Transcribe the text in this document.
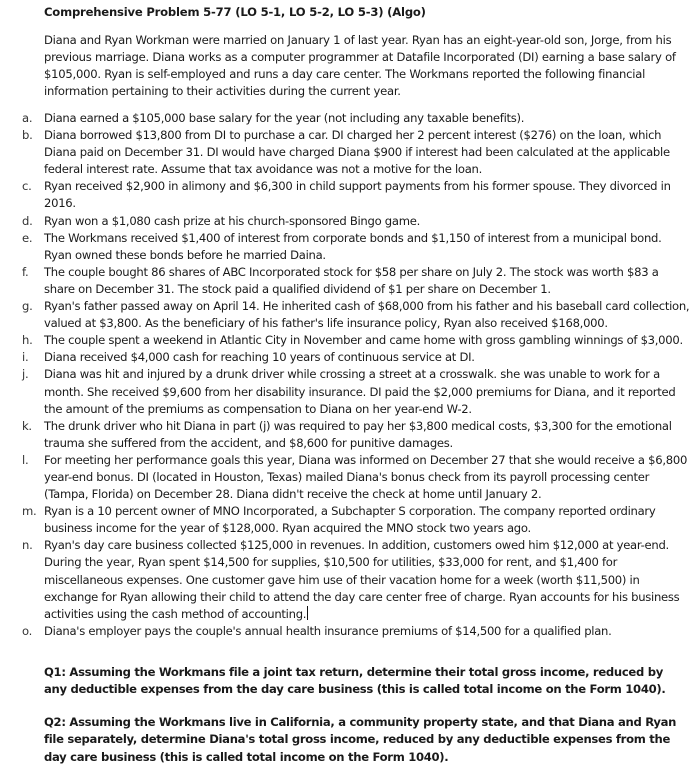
Comprehensive Problem 5-77 (LO 5-1, LO 5-2, LO 5-3) (Algo)

Diana and Ryan Workman were married on January 1 of last year. Ryan has an eight-year-old son, Jorge, from his previous marriage. Diana works as a computer programmer at Datafile Incorporated (DI) earning a base salary of $105,000. Ryan is self-employed and runs a day care center. The Workmans reported the following financial information pertaining to their activities during the current year.

a.	Diana earned a $105,000 base salary for the year (not including any taxable benefits).
b. Diana borrowed $13,800 from DI to purchase a car. DI charged her 2 percent interest ($276) on the loan, which Diana paid on December 31. DI would have charged Diana $900 if interest had been calculated at the applicable federal interest rate. Assume that tax avoidance was not a motive for the loan.
c.	Ryan received $2,900 in alimony and $6,300 in child support payments from his former spouse. They divorced in 2016.
d. Ryan won a $1,080 cash prize at his church-sponsored Bingo game.
e.	The Workmans received $1,400 of interest from corporate bonds and $1,150 of interest from a municipal bond. Ryan owned these bonds before he married Daina.
f.	The couple bought 86 shares of ABC Incorporated stock for $58 per share on July 2. The stock was worth $83 a share on December 31. The stock paid a qualified dividend of $1 per share on December 1.
g. Ryan's father passed away on April 14. He inherited cash of $68,000 from his father and his baseball card collection, valued at $3,800. As the beneficiary of his father's life insurance policy, Ryan also received $168,000.
h. The couple spent a weekend in Atlantic City in November and came home with gross gambling winnings of $3,000.
i.	Diana received $4,000 cash for reaching 10 years of continuous service at DI.
j.	Diana was hit and injured by a drunk driver while crossing a street at a crosswalk. she was unable to work for a month. She received $9,600 from her disability insurance. DI paid the $2,000 premiums for Diana, and it reported the amount of the premiums as compensation to Diana on her year-end W-2.
k.	The drunk driver who hit Diana in part (j) was required to pay her $3,800 medical costs, $3,300 for the emotional trauma she suffered from the accident, and $8,600 for punitive damages.
l.	For meeting her performance goals this year, Diana was informed on December 27 that she would receive a $6,800 year-end bonus. DI (located in Houston, Texas) mailed Diana's bonus check from its payroll processing center (Tampa, Florida) on December 28. Diana didn't receive the check at home until January 2.
m. Ryan is a 10 percent owner of MNO Incorporated, a Subchapter S corporation. The company reported ordinary business income for the year of $128,000. Ryan acquired the MNO stock two years ago.
n. Ryan's day care business collected $125,000 in revenues. In addition, customers owed him $12,000 at year-end. During the year, Ryan spent $14,500 for supplies, $10,500 for utilities, $33,000 for rent, and $1,400 for miscellaneous expenses. One customer gave him use of their vacation home for a week (worth $11,500) in exchange for Ryan allowing their child to attend the day care center free of charge. Ryan accounts for his business activities using the cash method of accounting.
o.	Diana's employer pays the couple's annual health insurance premiums of $14,500 for a qualified plan.
Q1: Assuming the Workmans file a joint tax return, determine their total gross income, reduced by any deductible expenses from the day care business (this is called total income on the Form 1040).
Q2: Assuming the Workmans live in California, a community property state, and that Diana and Ryan file separately, determine Diana's total gross income, reduced by any deductible expenses from the day care business (this is called total income on the Form 1040).
